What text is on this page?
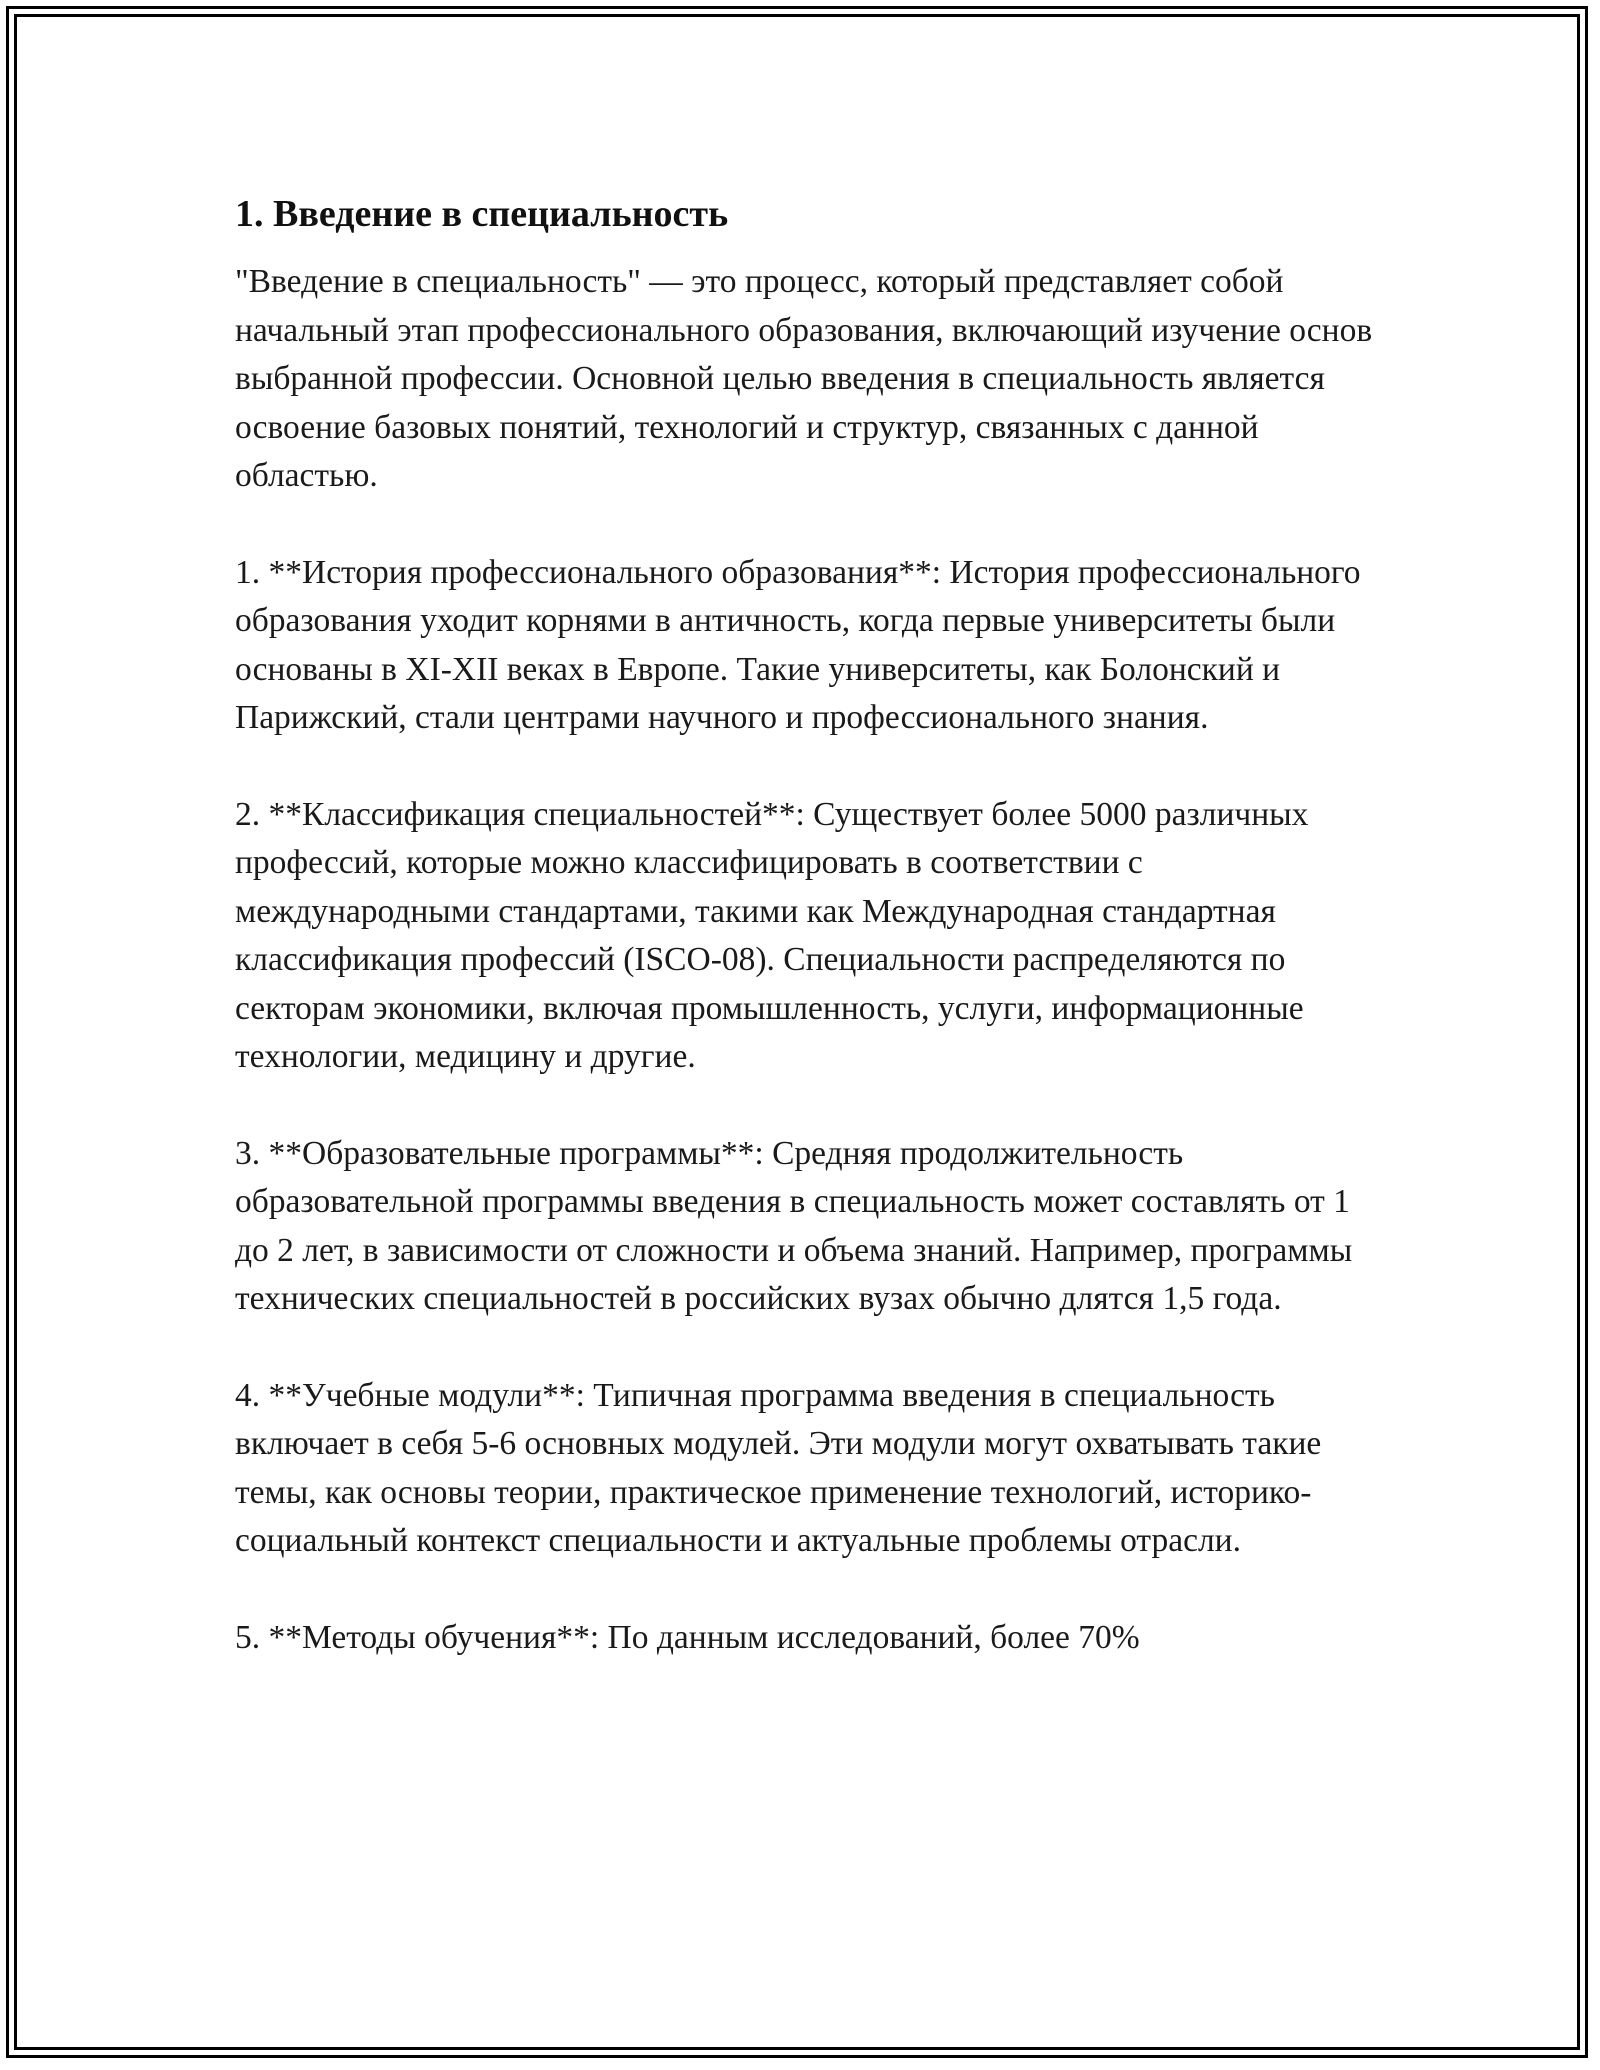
1. Введение в специальность

"Введение в специальность" — это процесс, который представляет собой начальный этап профессионального образования, включающий изучение основ выбранной профессии. Основной целью введения в специальность является освоение базовых понятий, технологий и структур, связанных с данной областью.

1. **История профессионального образования**: История профессионального образования уходит корнями в античность, когда первые университеты были основаны в XI-XII веках в Европе. Такие университеты, как Болонский и Парижский, стали центрами научного и профессионального знания.

2. **Классификация специальностей**: Существует более 5000 различных профессий, которые можно классифицировать в соответствии с международными стандартами, такими как Международная стандартная классификация профессий (ISCO-08). Специальности распределяются по секторам экономики, включая промышленность, услуги, информационные технологии, медицину и другие.

3. **Образовательные программы**: Средняя продолжительность образовательной программы введения в специальность может составлять от 1 до 2 лет, в зависимости от сложности и объема знаний. Например, программы технических специальностей в российских вузах обычно длятся 1,5 года.

4. **Учебные модули**: Типичная программа введения в специальность включает в себя 5-6 основных модулей. Эти модули могут охватывать такие темы, как основы теории, практическое применение технологий, историко-социальный контекст специальности и актуальные проблемы отрасли.

5. **Методы обучения**: По данным исследований, более 70%
